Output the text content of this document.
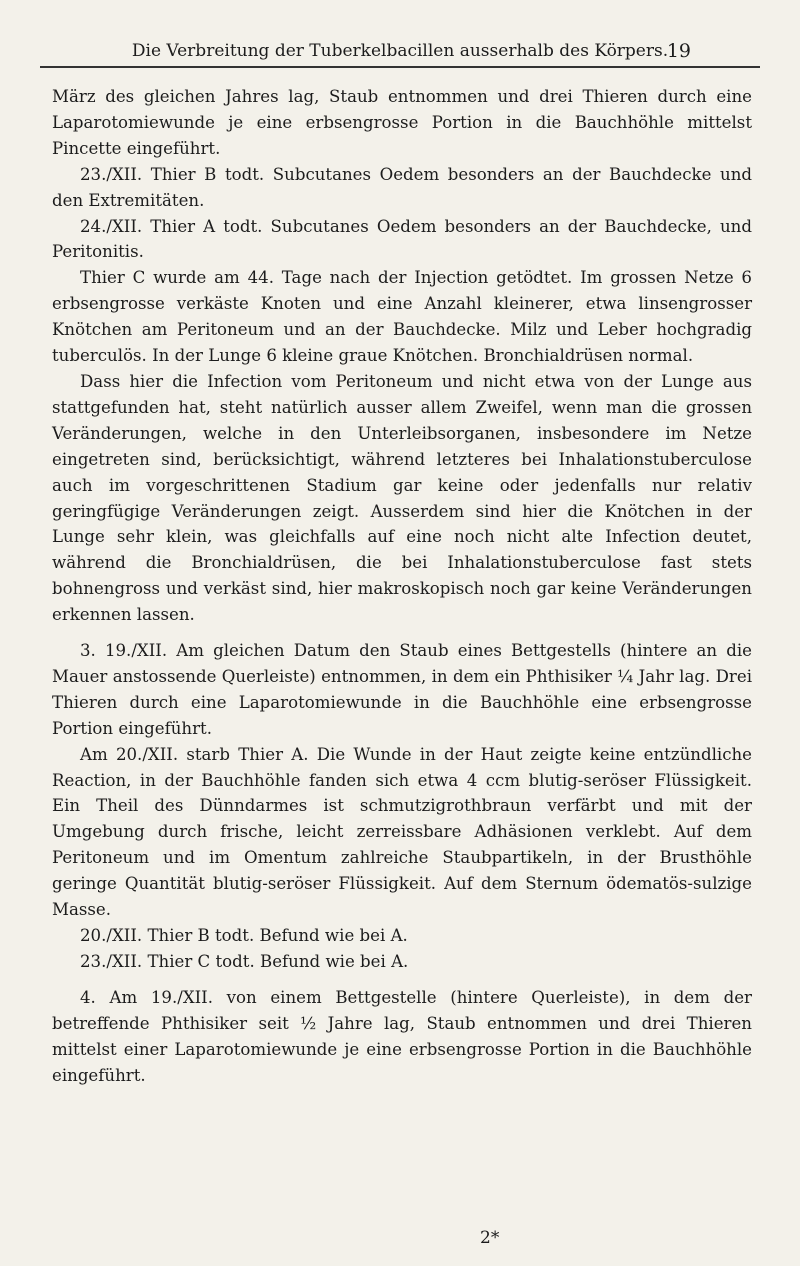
Die Verbreitung der Tuberkelbacillen ausserhalb des Körpers.
19

März des gleichen Jahres lag, Staub entnommen und drei Thieren durch eine Laparotomiewunde je eine erbsengrosse Portion in die Bauchhöhle mittelst Pincette eingeführt.

23./XII. Thier B todt. Subcutanes Oedem besonders an der Bauchdecke und den Extremitäten.

24./XII. Thier A todt. Subcutanes Oedem besonders an der Bauchdecke, und Peritonitis.

Thier C wurde am 44. Tage nach der Injection getödtet. Im grossen Netze 6 erbsengrosse verkäste Knoten und eine Anzahl kleinerer, etwa linsengrosser Knötchen am Peritoneum und an der Bauchdecke. Milz und Leber hochgradig tuberculös. In der Lunge 6 kleine graue Knötchen. Bronchialdrüsen normal.

Dass hier die Infection vom Peritoneum und nicht etwa von der Lunge aus stattgefunden hat, steht natürlich ausser allem Zweifel, wenn man die grossen Veränderungen, welche in den Unterleibsorganen, insbesondere im Netze eingetreten sind, berücksichtigt, während letzteres bei Inhalationstuberculose auch im vorgeschrittenen Stadium gar keine oder jedenfalls nur relativ geringfügige Veränderungen zeigt. Ausserdem sind hier die Knötchen in der Lunge sehr klein, was gleichfalls auf eine noch nicht alte Infection deutet, während die Bronchialdrüsen, die bei Inhalationstuberculose fast stets bohnengross und verkäst sind, hier makroskopisch noch gar keine Veränderungen erkennen lassen.

3. 19./XII. Am gleichen Datum den Staub eines Bettgestells (hintere an die Mauer anstossende Querleiste) entnommen, in dem ein Phthisiker ¼ Jahr lag. Drei Thieren durch eine Laparotomiewunde in die Bauchhöhle eine erbsengrosse Portion eingeführt.

Am 20./XII. starb Thier A. Die Wunde in der Haut zeigte keine entzündliche Reaction, in der Bauchhöhle fanden sich etwa 4 ccm blutig-seröser Flüssigkeit. Ein Theil des Dünndarmes ist schmutzigrothbraun verfärbt und mit der Umgebung durch frische, leicht zerreissbare Adhäsionen verklebt. Auf dem Peritoneum und im Omentum zahlreiche Staubpartikeln, in der Brusthöhle geringe Quantität blutig-seröser Flüssigkeit. Auf dem Sternum ödematös-sulzige Masse.

20./XII. Thier B todt. Befund wie bei A.

23./XII. Thier C todt. Befund wie bei A.

4. Am 19./XII. von einem Bettgestelle (hintere Querleiste), in dem der betreffende Phthisiker seit ½ Jahre lag, Staub entnommen und drei Thieren mittelst einer Laparotomiewunde je eine erbsengrosse Portion in die Bauchhöhle eingeführt.

2*
